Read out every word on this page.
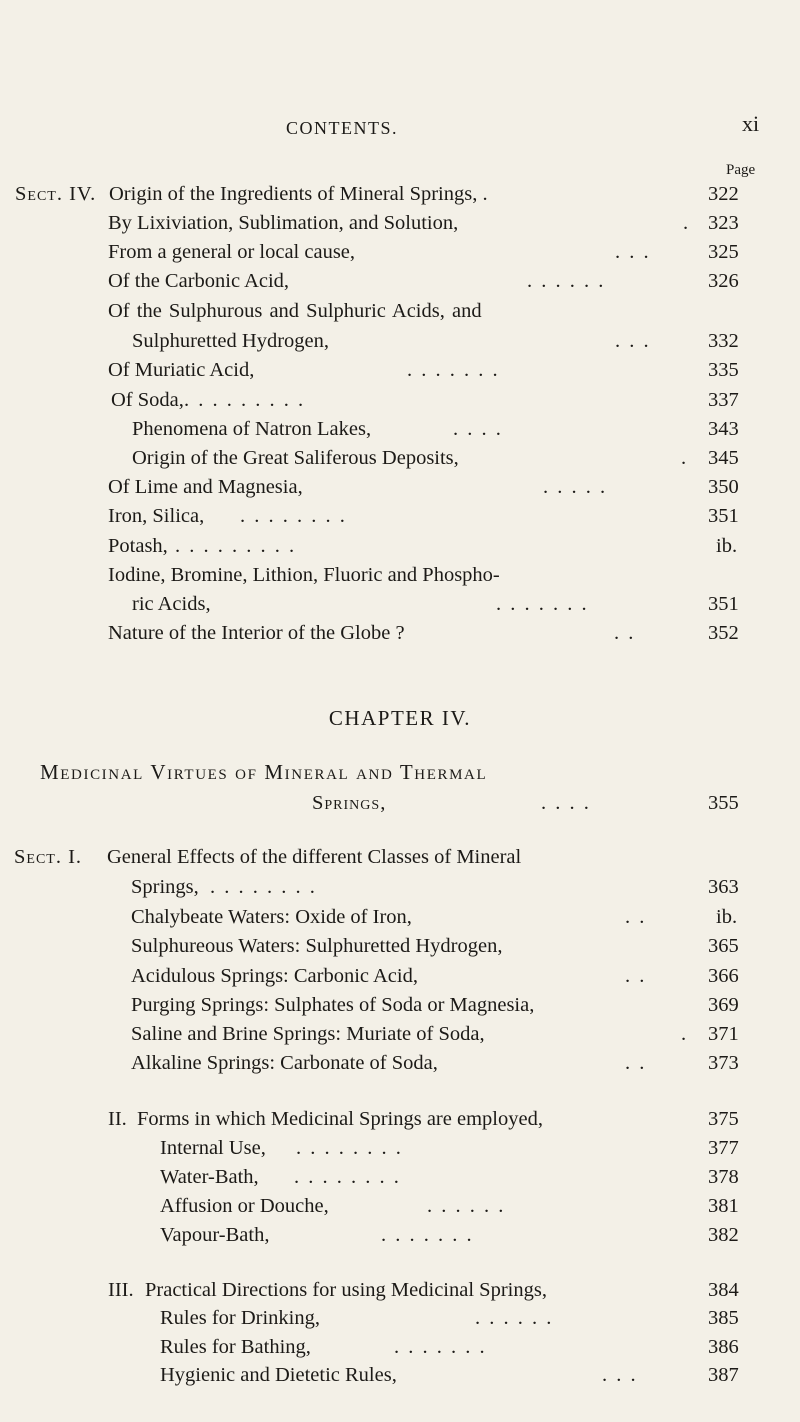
CONTENTS.	xi
Page
Sect. IV. Origin of the Ingredients of Mineral Springs, .	322
By Lixiviation, Sublimation, and Solution,	. 323
From a general or local cause,	. . .	325
Of the Carbonic Acid,	. . . . . .	326
Of the Sulphurous and Sulphuric Acids, and
Sulphuretted Hydrogen,	. . .	332
Of Muriatic Acid,	. . . . . . .	335
Of Soda, . . . . . . . . .	337
Phenomena of Natron Lakes,	. . . .	343
Origin of the Great Saliferous Deposits,	. 345
Of Lime and Magnesia,	. . . . .	350
Iron, Silica, . . . . . . . .	351
Potash, . . . . . . . . .	ib.
Iodine, Bromine, Lithion, Fluoric and Phospho-
ric Acids,	. . . . . . .	351
Nature of the Interior of the Globe ?	. .	352
CHAPTER IV.
Medicinal Virtues of Mineral and Thermal
Springs,	. . . .	355
Sect. I. General Effects of the different Classes of Mineral
Springs, . . . . . . . .	363
Chalybeate Waters: Oxide of Iron,	. .	ib.
Sulphureous Waters: Sulphuretted Hydrogen,	365
Acidulous Springs: Carbonic Acid,	. .	366
Purging Springs: Sulphates of Soda or Magnesia,	369
Saline and Brine Springs: Muriate of Soda,	. 371
Alkaline Springs: Carbonate of Soda,	. .	373
II. Forms in which Medicinal Springs are employed,	375
Internal Use, . . . . . . . .	377
Water-Bath, . . . . . . . .	378
Affusion or Douche,	. . . . . .	381
Vapour-Bath,	. . . . . . .	382
III. Practical Directions for using Medicinal Springs,	384
Rules for Drinking,	. . . . . .	385
Rules for Bathing,	. . . . . . .	386
Hygienic and Dietetic Rules,	. . .	387
